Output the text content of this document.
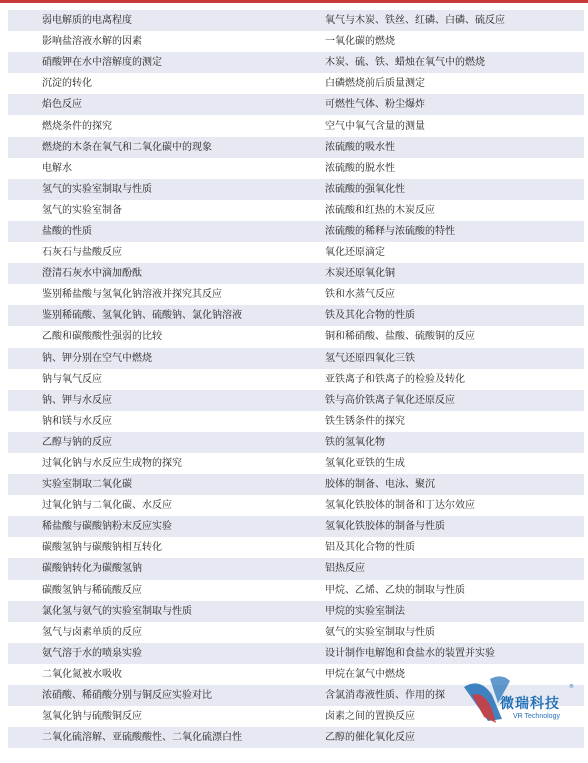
弱电解质的电离程度	氧气与木炭、铁丝、红磷、白磷、硫反应
影响盐溶液水解的因素	一氧化碳的燃烧
硝酸钾在水中溶解度的测定	木炭、硫、铁、蜡烛在氧气中的燃烧
沉淀的转化	白磷燃烧前后质量测定
焰色反应	可燃性气体、粉尘爆炸
燃烧条件的探究	空气中氧气含量的测量
燃烧的木条在氧气和二氧化碳中的现象	浓硫酸的吸水性
电解水	浓硫酸的脱水性
氢气的实验室制取与性质	浓硫酸的强氧化性
氢气的实验室制备	浓硫酸和红热的木炭反应
盐酸的性质	浓硫酸的稀释与浓硫酸的特性
石灰石与盐酸反应	氧化还原滴定
澄清石灰水中滴加酚酞	木炭还原氧化铜
鉴别稀盐酸与氢氧化钠溶液并探究其反应	铁和水蒸气反应
鉴别稀硫酸、氢氧化钠、硫酸钠、氯化钠溶液	铁及其化合物的性质
乙酸和碳酸酸性强弱的比较	铜和稀硝酸、盐酸、硫酸铜的反应
钠、钾分别在空气中燃烧	氢气还原四氧化三铁
钠与氧气反应	亚铁离子和铁离子的检验及转化
钠、钾与水反应	铁与高价铁离子氧化还原反应
钠和镁与水反应	铁生锈条件的探究
乙醇与钠的反应	铁的氢氧化物
过氧化钠与水反应生成物的探究	氢氧化亚铁的生成
实验室制取二氧化碳	胶体的制备、电泳、聚沉
过氧化钠与二氧化碳、水反应	氢氧化铁胶体的制备和丁达尔效应
稀盐酸与碳酸钠粉末反应实验	氢氧化铁胶体的制备与性质
碳酸氢钠与碳酸钠相互转化	铝及其化合物的性质
碳酸钠转化为碳酸氢钠	铝热反应
碳酸氢钠与稀硫酸反应	甲烷、乙烯、乙炔的制取与性质
氯化氢与氨气的实验室制取与性质	甲烷的实验室制法
氢气与卤素单质的反应	氨气的实验室制取与性质
氨气溶于水的喷泉实验	设计制作电解饱和食盐水的装置并实验
二氧化氮被水吸收	甲烷在氯气中燃烧
浓硝酸、稀硝酸分别与铜反应实验对比	含氯消毒液性质、作用的探
氢氧化钠与硫酸铜反应	卤素之间的置换反应
二氧化硫溶解、亚硫酸酸性、二氧化硫漂白性	乙醇的催化氧化反应
微瑞科技
VR Technology
®
